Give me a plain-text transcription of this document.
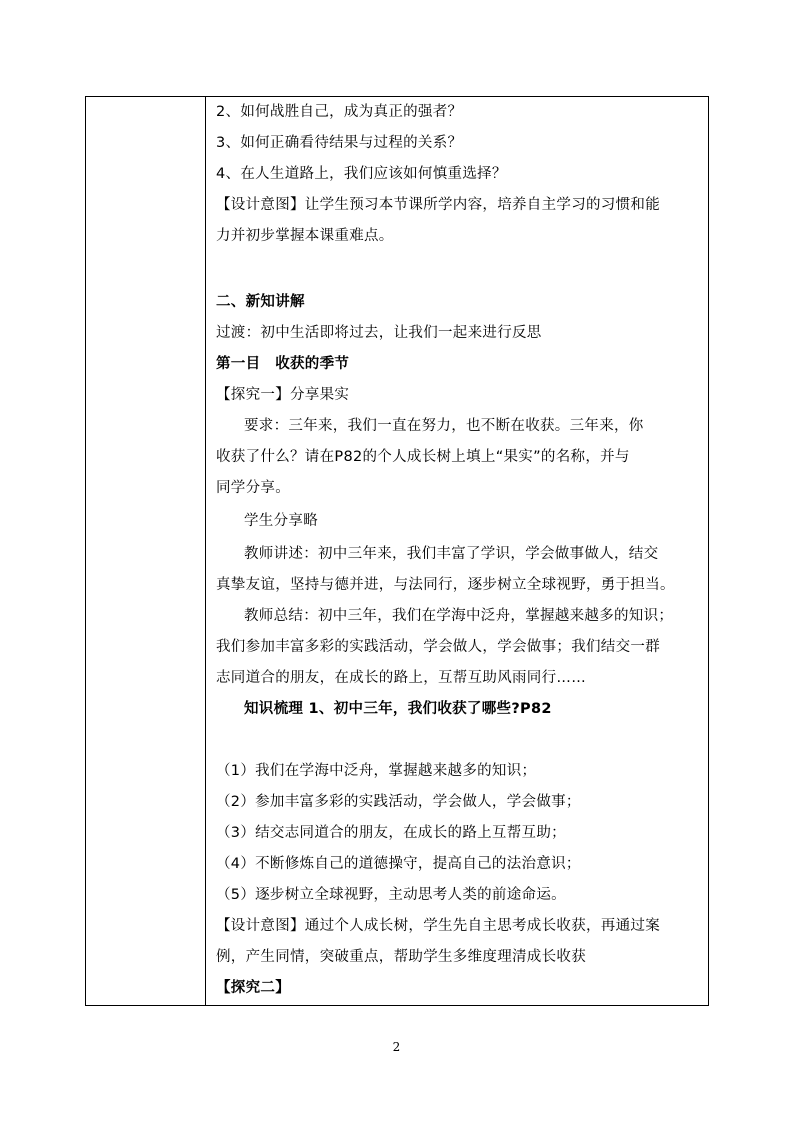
2、如何战胜自己，成为真正的强者？
3、如何正确看待结果与过程的关系？
4、在人生道路上，我们应该如何慎重选择？
【设计意图】让学生预习本节课所学内容，培养自主学习的习惯和能
力并初步掌握本课重难点。
二、新知讲解
过渡：初中生活即将过去，让我们一起来进行反思
第一目　收获的季节
【探究一】分享果实
要求：三年来，我们一直在努力，也不断在收获。三年来，你
收获了什么？请在P82的个人成长树上填上“果实”的名称，并与
同学分享。
学生分享略
教师讲述：初中三年来，我们丰富了学识，学会做事做人，结交
真挚友谊，坚持与德并进，与法同行，逐步树立全球视野，勇于担当。
教师总结：初中三年，我们在学海中泛舟，掌握越来越多的知识；
我们参加丰富多彩的实践活动，学会做人，学会做事；我们结交一群
志同道合的朋友，在成长的路上，互帮互助风雨同行……
知识梳理 1、初中三年，我们收获了哪些?P82
（1）我们在学海中泛舟，掌握越来越多的知识；
（2）参加丰富多彩的实践活动，学会做人，学会做事；
（3）结交志同道合的朋友，在成长的路上互帮互助；
（4）不断修炼自己的道德操守，提高自己的法治意识；
（5）逐步树立全球视野，主动思考人类的前途命运。
【设计意图】通过个人成长树，学生先自主思考成长收获，再通过案
例，产生同情，突破重点，帮助学生多维度理清成长收获
【探究二】
2
